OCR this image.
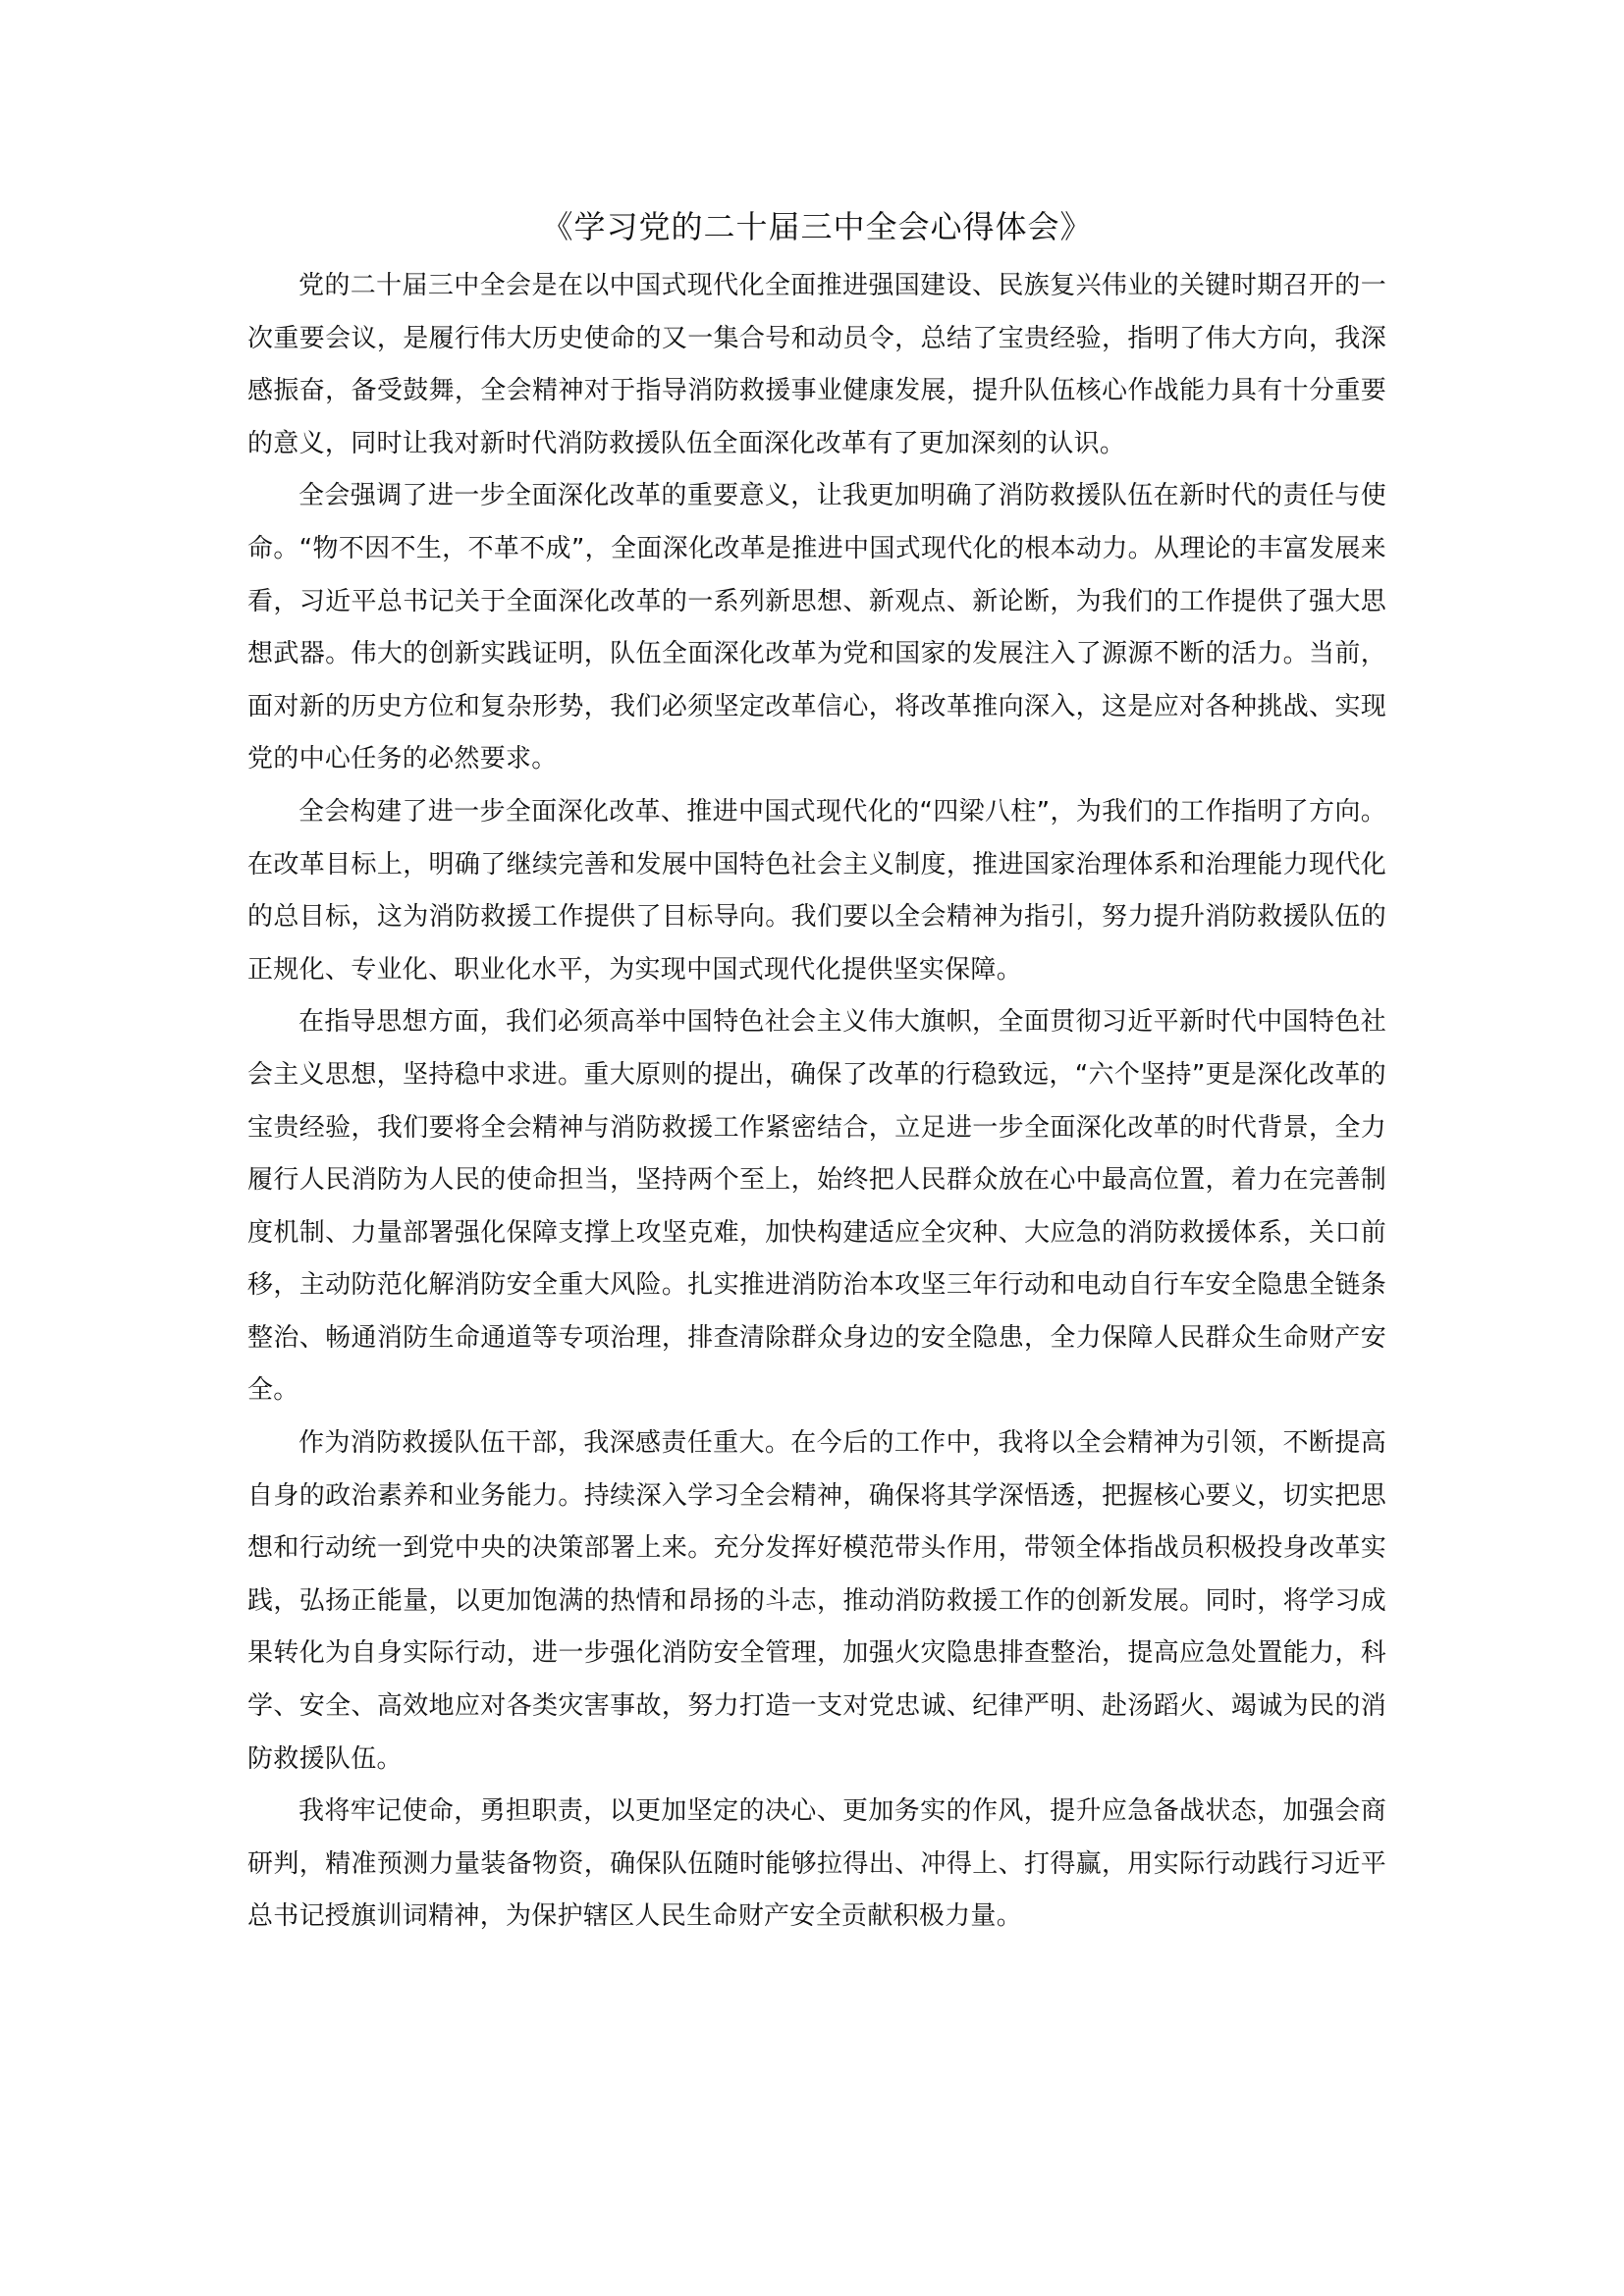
《学习党的二十届三中全会心得体会》

党的二十届三中全会是在以中国式现代化全面推进强国建设、民族复兴伟业的关键时期召开的一次重要会议，是履行伟大历史使命的又一集合号和动员令，总结了宝贵经验，指明了伟大方向，我深感振奋，备受鼓舞，全会精神对于指导消防救援事业健康发展，提升队伍核心作战能力具有十分重要的意义，同时让我对新时代消防救援队伍全面深化改革有了更加深刻的认识。

全会强调了进一步全面深化改革的重要意义，让我更加明确了消防救援队伍在新时代的责任与使命。“物不因不生，不革不成”，全面深化改革是推进中国式现代化的根本动力。从理论的丰富发展来看，习近平总书记关于全面深化改革的一系列新思想、新观点、新论断，为我们的工作提供了强大思想武器。伟大的创新实践证明，队伍全面深化改革为党和国家的发展注入了源源不断的活力。当前，面对新的历史方位和复杂形势，我们必须坚定改革信心，将改革推向深入，这是应对各种挑战、实现党的中心任务的必然要求。

全会构建了进一步全面深化改革、推进中国式现代化的“四梁八柱”，为我们的工作指明了方向。在改革目标上，明确了继续完善和发展中国特色社会主义制度，推进国家治理体系和治理能力现代化的总目标，这为消防救援工作提供了目标导向。我们要以全会精神为指引，努力提升消防救援队伍的正规化、专业化、职业化水平，为实现中国式现代化提供坚实保障。

在指导思想方面，我们必须高举中国特色社会主义伟大旗帜，全面贯彻习近平新时代中国特色社会主义思想，坚持稳中求进。重大原则的提出，确保了改革的行稳致远，“六个坚持”更是深化改革的宝贵经验，我们要将全会精神与消防救援工作紧密结合，立足进一步全面深化改革的时代背景，全力履行人民消防为人民的使命担当，坚持两个至上，始终把人民群众放在心中最高位置，着力在完善制度机制、力量部署强化保障支撑上攻坚克难，加快构建适应全灾种、大应急的消防救援体系，关口前移，主动防范化解消防安全重大风险。扎实推进消防治本攻坚三年行动和电动自行车安全隐患全链条整治、畅通消防生命通道等专项治理，排查清除群众身边的安全隐患，全力保障人民群众生命财产安全。

作为消防救援队伍干部，我深感责任重大。在今后的工作中，我将以全会精神为引领，不断提高自身的政治素养和业务能力。持续深入学习全会精神，确保将其学深悟透，把握核心要义，切实把思想和行动统一到党中央的决策部署上来。充分发挥好模范带头作用，带领全体指战员积极投身改革实践，弘扬正能量，以更加饱满的热情和昂扬的斗志，推动消防救援工作的创新发展。同时，将学习成果转化为自身实际行动，进一步强化消防安全管理，加强火灾隐患排查整治，提高应急处置能力，科学、安全、高效地应对各类灾害事故，努力打造一支对党忠诚、纪律严明、赴汤蹈火、竭诚为民的消防救援队伍。

我将牢记使命，勇担职责，以更加坚定的决心、更加务实的作风，提升应急备战状态，加强会商研判，精准预测力量装备物资，确保队伍随时能够拉得出、冲得上、打得赢，用实际行动践行习近平总书记授旗训词精神，为保护辖区人民生命财产安全贡献积极力量。
